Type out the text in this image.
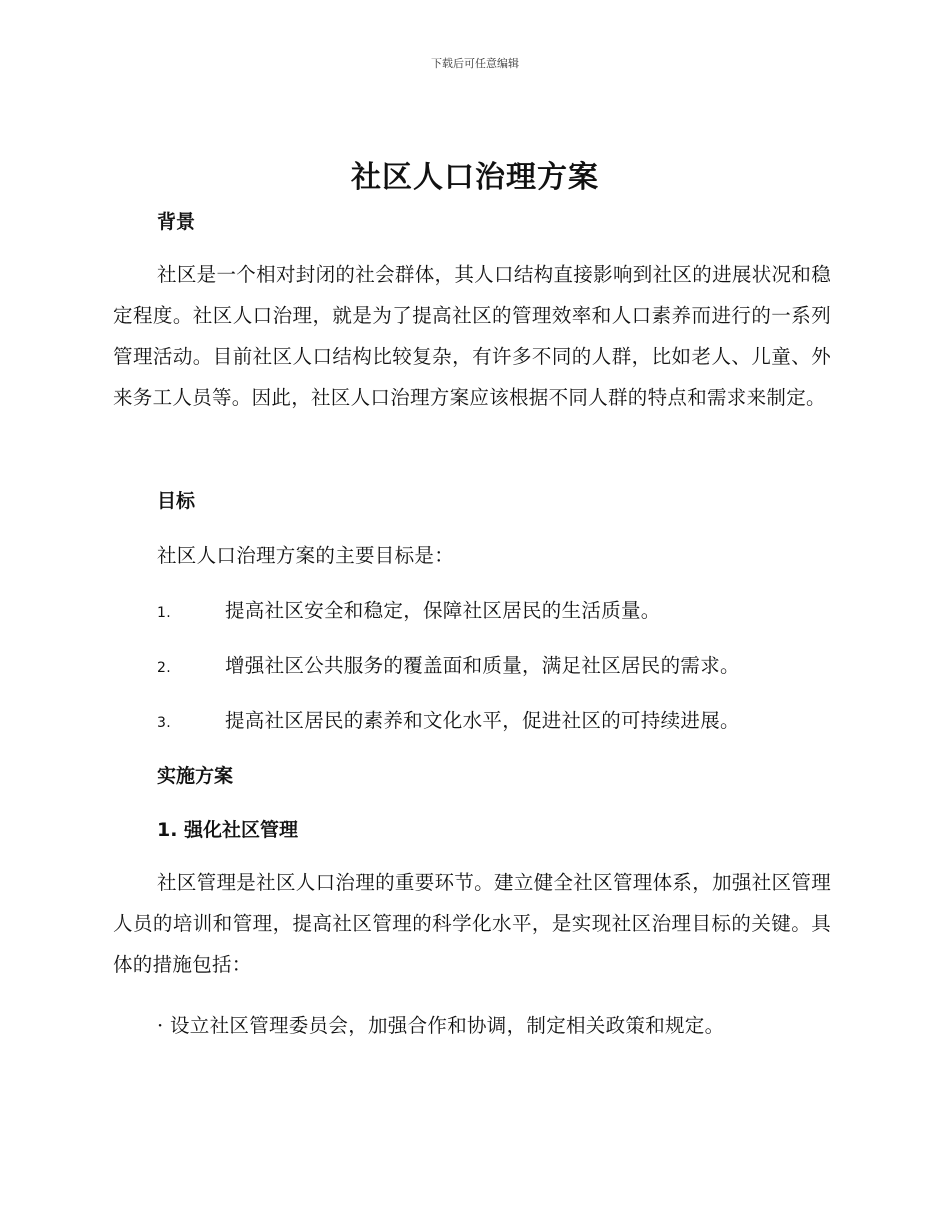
下载后可任意编辑
社区人口治理方案
背景
社区是一个相对封闭的社会群体，其人口结构直接影响到社区的进展状况和稳定程度。社区人口治理，就是为了提高社区的管理效率和人口素养而进行的一系列管理活动。目前社区人口结构比较复杂，有许多不同的人群，比如老人、儿童、外来务工人员等。因此，社区人口治理方案应该根据不同人群的特点和需求来制定。
目标
社区人口治理方案的主要目标是：
1.	提高社区安全和稳定，保障社区居民的生活质量。
2.	增强社区公共服务的覆盖面和质量，满足社区居民的需求。
3.	提高社区居民的素养和文化水平，促进社区的可持续进展。
实施方案
1. 强化社区管理
社区管理是社区人口治理的重要环节。建立健全社区管理体系，加强社区管理人员的培训和管理，提高社区管理的科学化水平，是实现社区治理目标的关键。具体的措施包括：
· 设立社区管理委员会，加强合作和协调，制定相关政策和规定。
